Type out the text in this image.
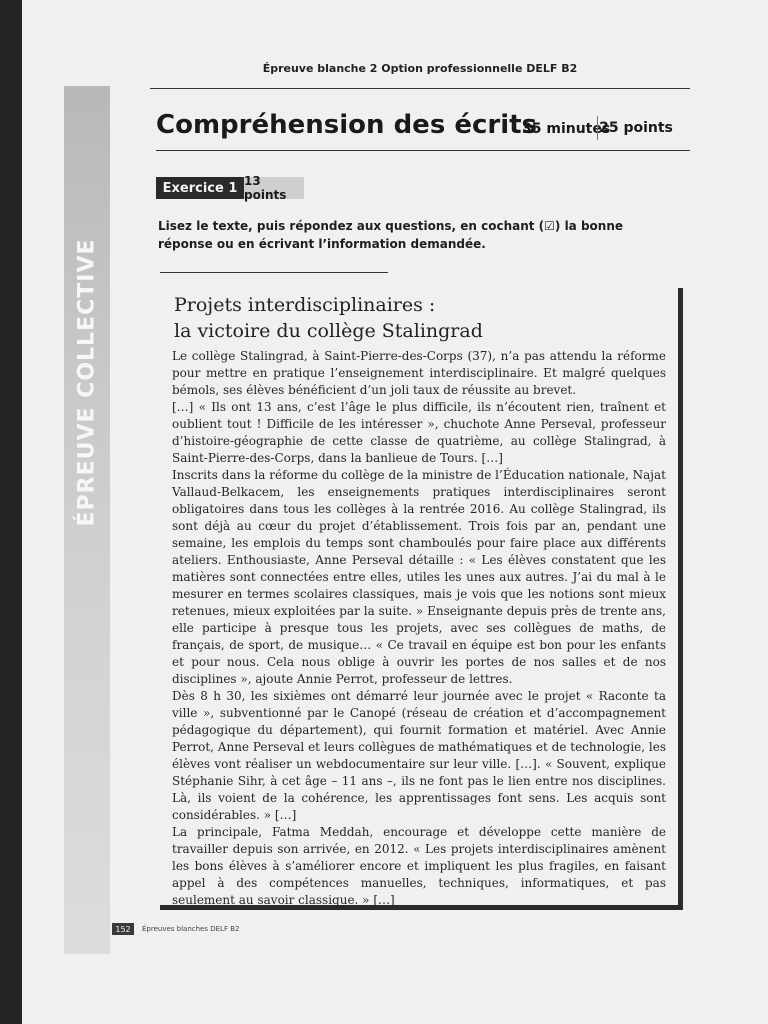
ÉPREUVE COLLECTIVE
Épreuve blanche 2 Option professionnelle DELF B2
Compréhension des écrits
35 minutes
25 points
Exercice 1 13 points

Lisez le texte, puis répondez aux questions, en cochant (☑) la bonne réponse ou en écrivant l’information demandée.

Projets interdisciplinaires :
la victoire du collège Stalingrad
Le collège Stalingrad, à Saint-Pierre-des-Corps (37), n’a pas attendu la réforme pour mettre en pratique l’enseignement interdisciplinaire. Et malgré quelques bémols, ses élèves bénéficient d’un joli taux de réussite au brevet.
[…] « Ils ont 13 ans, c’est l’âge le plus difficile, ils n’écoutent rien, traînent et oublient tout ! Difficile de les intéresser », chuchote Anne Perseval, professeur d’histoire-géographie de cette classe de quatrième, au collège Stalingrad, à Saint-Pierre-des-Corps, dans la banlieue de Tours. […]
Inscrits dans la réforme du collège de la ministre de l’Éducation nationale, Najat Vallaud-Belkacem, les enseignements pratiques interdisciplinaires seront obligatoires dans tous les collèges à la rentrée 2016. Au collège Stalingrad, ils sont déjà au cœur du projet d’établissement. Trois fois par an, pendant une semaine, les emplois du temps sont chamboulés pour faire place aux différents ateliers. Enthousiaste, Anne Perseval détaille : « Les élèves constatent que les matières sont connectées entre elles, utiles les unes aux autres. J’ai du mal à le mesurer en termes scolaires classiques, mais je vois que les notions sont mieux retenues, mieux exploitées par la suite. » Enseignante depuis près de trente ans, elle participe à presque tous les projets, avec ses collègues de maths, de français, de sport, de musique… « Ce travail en équipe est bon pour les enfants et pour nous. Cela nous oblige à ouvrir les portes de nos salles et de nos disciplines », ajoute Annie Perrot, professeur de lettres.
Dès 8 h 30, les sixièmes ont démarré leur journée avec le projet « Raconte ta ville », subventionné par le Canopé (réseau de création et d’accompagnement pédagogique du département), qui fournit formation et matériel. Avec Annie Perrot, Anne Perseval et leurs collègues de mathématiques et de technologie, les élèves vont réaliser un webdocumentaire sur leur ville. […]. « Souvent, explique Stéphanie Sihr, à cet âge – 11 ans –, ils ne font pas le lien entre nos disciplines. Là, ils voient de la cohérence, les apprentissages font sens. Les acquis sont considérables. » […]
La principale, Fatma Meddah, encourage et développe cette manière de travailler depuis son arrivée, en 2012. « Les projets interdisciplinaires amènent les bons élèves à s’améliorer encore et impliquent les plus fragiles, en faisant appel à des compétences manuelles, techniques, informatiques, et pas seulement au savoir classique. » […]
152	Épreuves blanches DELF B2
